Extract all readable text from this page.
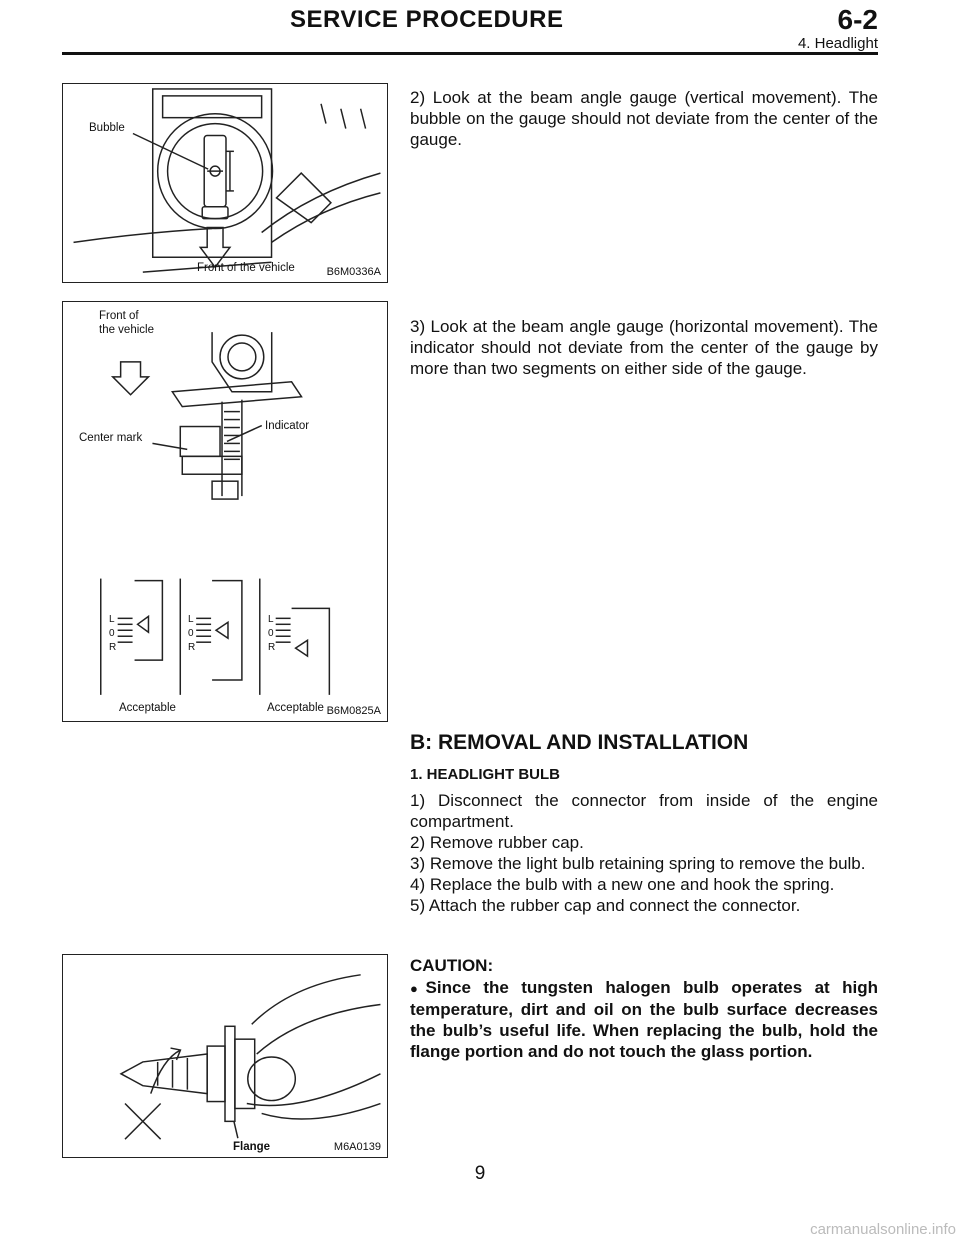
SERVICE PROCEDURE	6-2
4. Headlight
Bubble
Front of the vehicle	B6M0336A
Front of
the vehicle
Center mark
Indicator
L
0
R
L
0
R
L
0
R
Acceptable	Acceptable B6M0825A
Flange	M6A0139

2) Look at the beam angle gauge (vertical movement). The bubble on the gauge should not deviate from the center of the gauge.

3) Look at the beam angle gauge (horizontal movement). The indicator should not deviate from the center of the gauge by more than two segments on either side of the gauge.

B: REMOVAL AND INSTALLATION
1. HEADLIGHT BULB

1) Disconnect the connector from inside of the engine compartment.

2) Remove rubber cap.

3) Remove the light bulb retaining spring to remove the bulb.

4) Replace the bulb with a new one and hook the spring.

5) Attach the rubber cap and connect the connector.

CAUTION:
●Since the tungsten halogen bulb operates at high temperature, dirt and oil on the bulb surface decreases the bulb’s useful life. When replacing the bulb, hold the flange portion and do not touch the glass portion.
9
carmanualsonline.info
